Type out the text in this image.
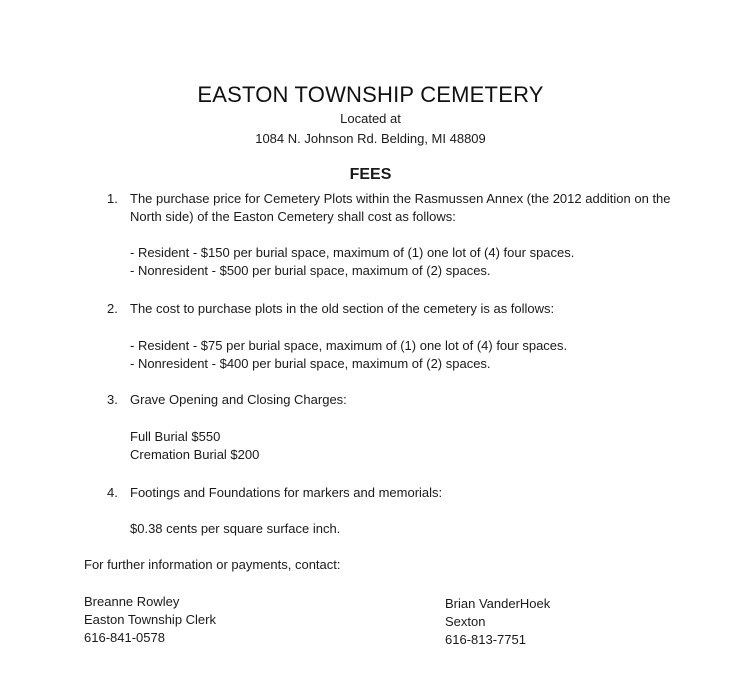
EASTON TOWNSHIP CEMETERY
Located at
1084 N. Johnson Rd. Belding, MI 48809
FEES
1. The purchase price for Cemetery Plots within the Rasmussen Annex (the 2012 addition on the North side) of the Easton Cemetery shall cost as follows:
- Resident - $150 per burial space, maximum of (1) one lot of (4) four spaces.
- Nonresident - $500 per burial space, maximum of (2) spaces.
2. The cost to purchase plots in the old section of the cemetery is as follows:
- Resident - $75 per burial space, maximum of (1) one lot of (4) four spaces.
- Nonresident - $400 per burial space, maximum of (2) spaces.
3. Grave Opening and Closing Charges:
Full Burial $550
Cremation Burial $200
4. Footings and Foundations for markers and memorials:
$0.38 cents per square surface inch.
For further information or payments, contact:
Breanne Rowley
Easton Township Clerk
616-841-0578
Brian VanderHoek
Sexton
616-813-7751
